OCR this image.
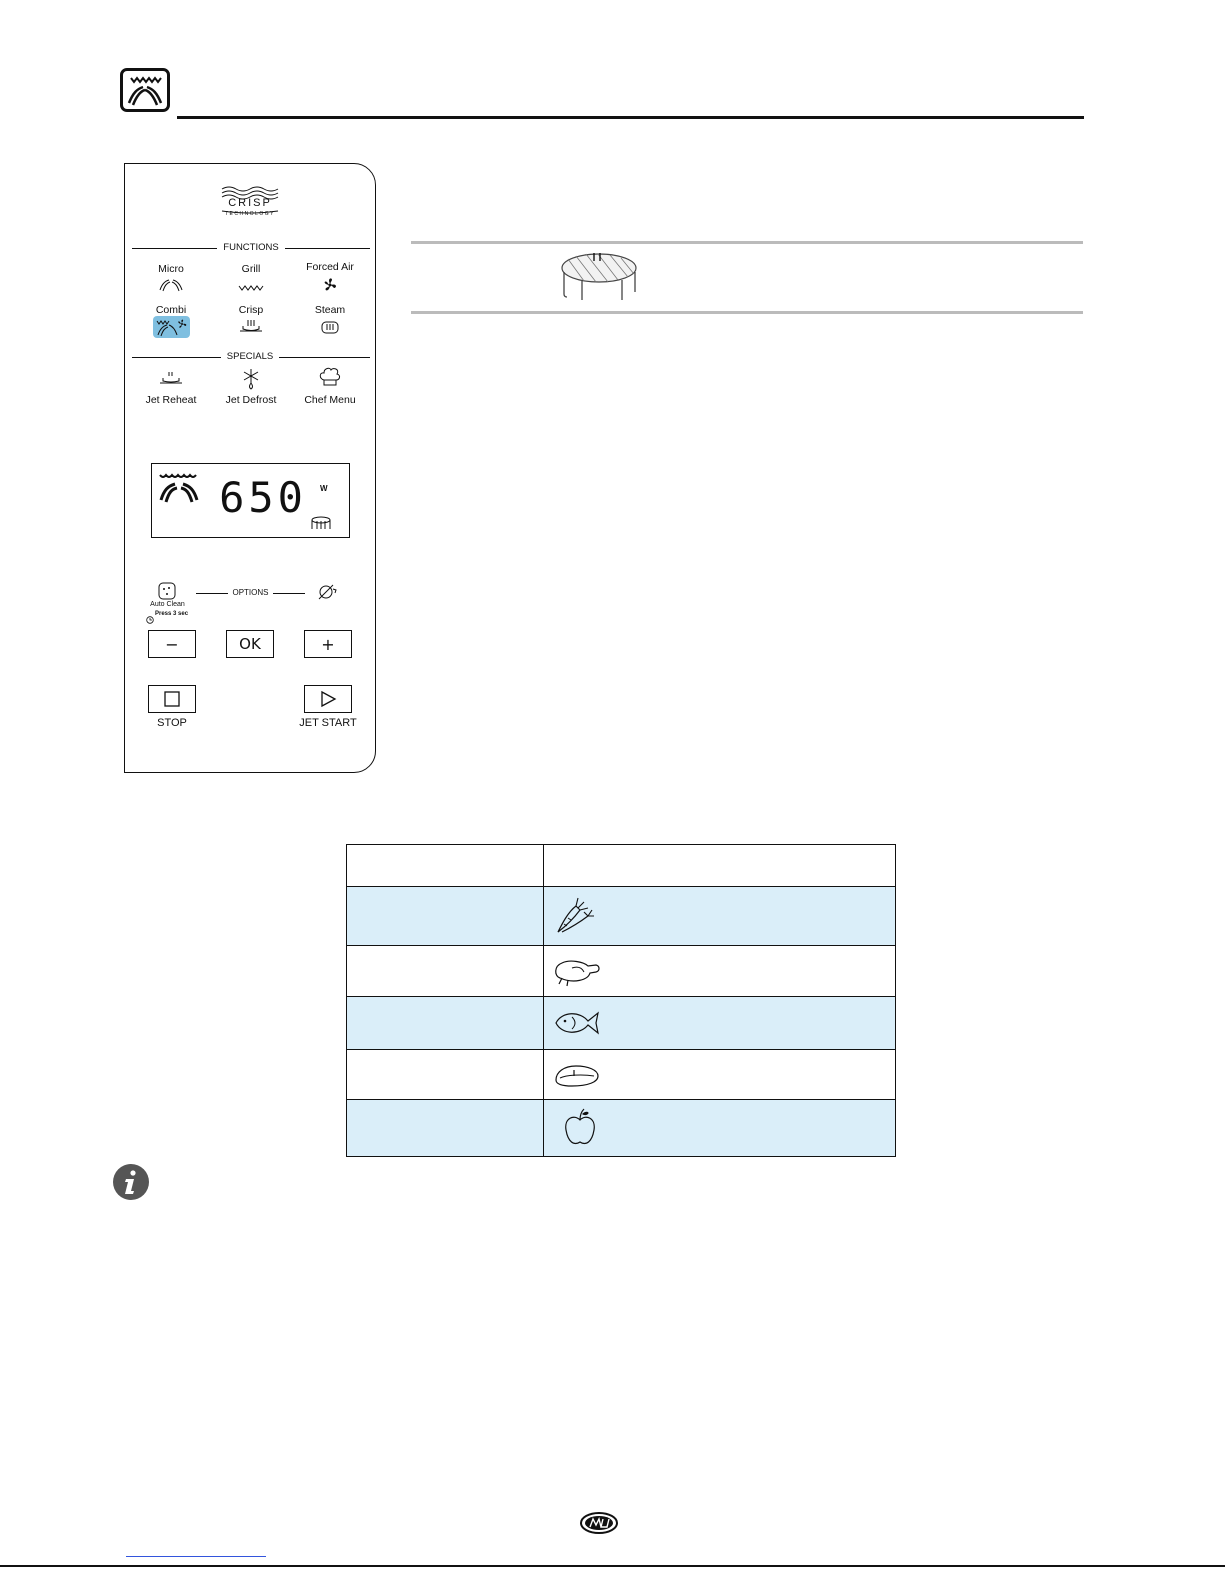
CRISP
TECHNOLOGY
FUNCTIONS
Micro	Grill	Forced Air
Combi	Crisp	Steam
SPECIALS
Jet Reheat	Jet Defrost	Chef Menu
650 W
Auto Clean
Press 3 sec
OPTIONS
−	OK	+
STOP	JET START
